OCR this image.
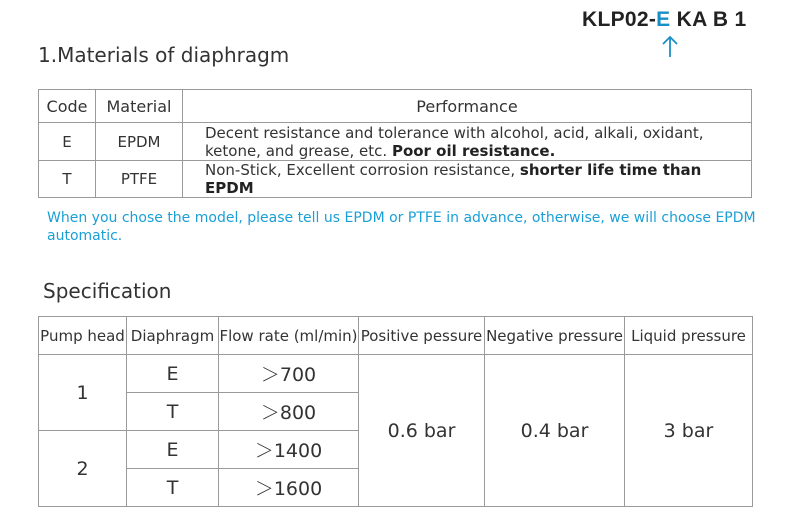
KLP02-E KA B 1
1.Materials of diaphragm
Code	Material	Performance
E	EPDM	Decent resistance and tolerance with alcohol, acid, alkali, oxidant, ketone, and grease, etc. Poor oil resistance.
T	PTFE	Non-Stick, Excellent corrosion resistance, shorter life time than EPDM
When you chose the model, please tell us EPDM or PTFE in advance, otherwise, we will choose EPDM automatic.
Specification
Pump head	Diaphragm	Flow rate (ml/min)	Positive pessure	Negative pressure	Liquid pressure
1	E	＞700	0.6 bar	0.4 bar	3 bar
	T	＞800			
2	E	＞1400			
	T	＞1600			
